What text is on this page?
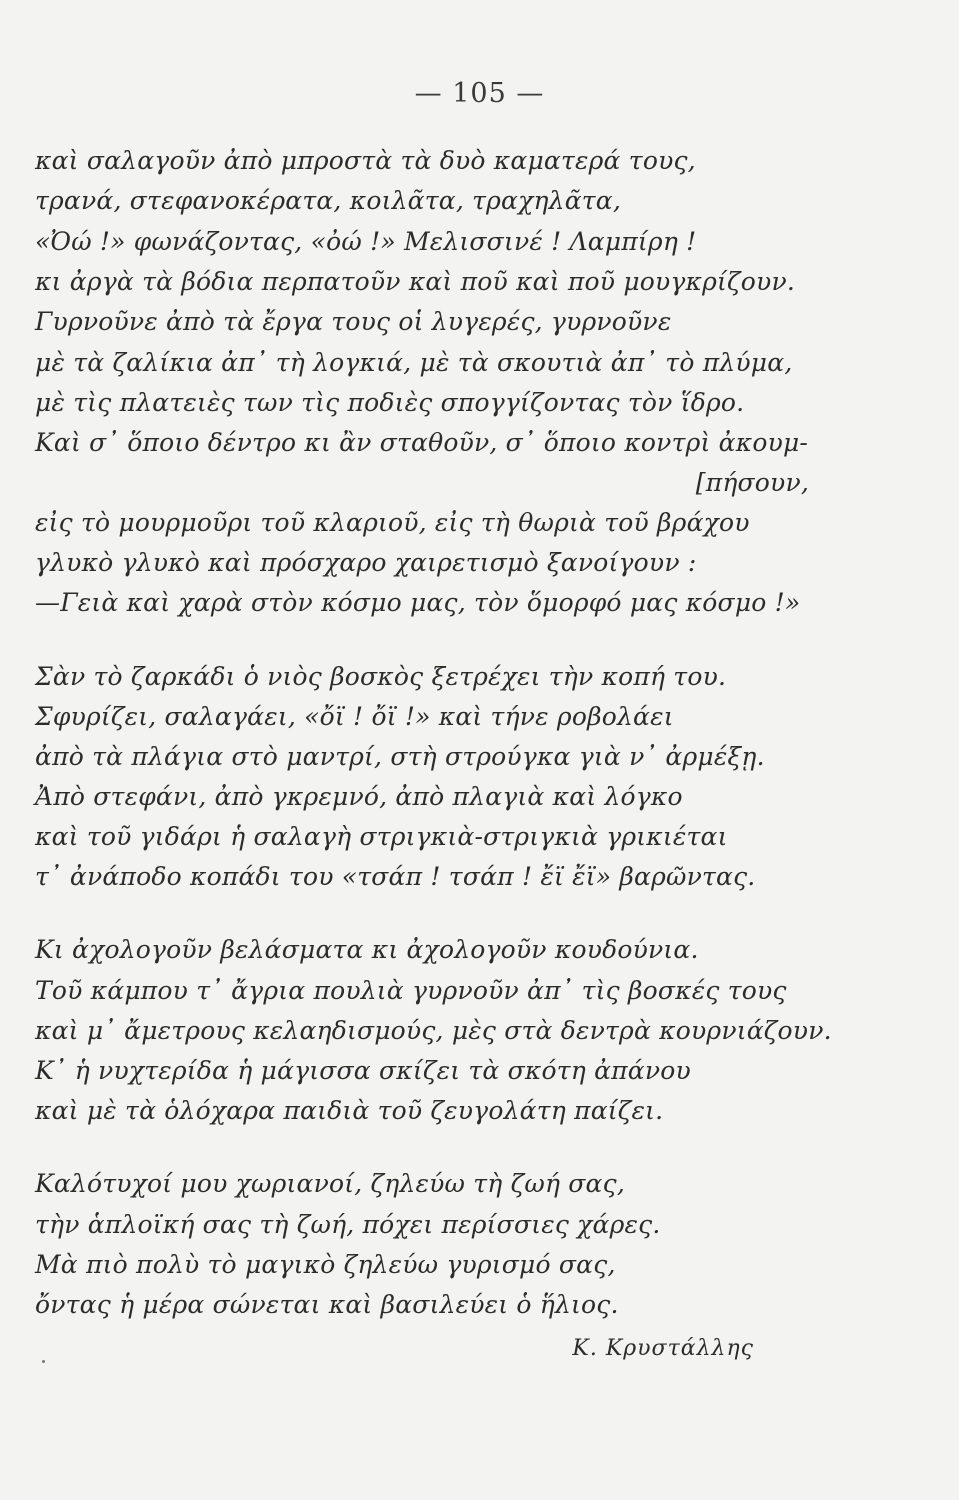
— 105 —
καὶ σαλαγοῦν ἀπὸ μπροστὰ τὰ δυὸ καματερά τους,
τρανά, στεφανοκέρατα, κοιλᾶτα, τραχηλᾶτα,
«Ὀώ !» φωνάζοντας, «ὀώ !» Μελισσινέ ! Λαμπίρη !
κι ἀργὰ τὰ βόδια περπατοῦν καὶ ποῦ καὶ ποῦ μουγκρίζουν.
Γυρνοῦνε ἀπὸ τὰ ἔργα τους οἱ λυγερές, γυρνοῦνε
μὲ τὰ ζαλίκια ἀπ᾽ τὴ λογκιά, μὲ τὰ σκουτιὰ ἀπ᾽ τὸ πλύμα,
μὲ τὶς πλατειὲς των τὶς ποδιὲς σπογγίζοντας τὸν ἵδρο.
Καὶ σ᾽ ὅποιο δέντρο κι ἂν σταθοῦν, σ᾽ ὅποιο κοντρὶ ἀκουμ-
[πήσουν,
εἰς τὸ μουρμοῦρι τοῦ κλαριοῦ, εἰς τὴ θωριὰ τοῦ βράχου
γλυκὸ γλυκὸ καὶ πρόσχαρο χαιρετισμὸ ξανοίγουν :
—Γειὰ καὶ χαρὰ στὸν κόσμο μας, τὸν ὅμορφό μας κόσμο !»
Σὰν τὸ ζαρκάδι ὁ νιὸς βοσκὸς ξετρέχει τὴν κοπή του.
Σφυρίζει, σαλαγάει, «ὄϊ ! ὄϊ !» καὶ τήνε ροβολάει
ἀπὸ τὰ πλάγια στὸ μαντρί, στὴ στρούγκα γιὰ ν᾽ ἀρμέξῃ.
Ἀπὸ στεφάνι, ἀπὸ γκρεμνό, ἀπὸ πλαγιὰ καὶ λόγκο
καὶ τοῦ γιδάρι ἡ σαλαγὴ στριγκιὰ-στριγκιὰ γρικιέται
τ᾽ ἀνάποδο κοπάδι του «τσάπ ! τσάπ ! ἔϊ ἔϊ» βαρῶντας.
Κι ἀχολογοῦν βελάσματα κι ἀχολογοῦν κουδούνια.
Τοῦ κάμπου τ᾽ ἄγρια πουλιὰ γυρνοῦν ἀπ᾽ τὶς βοσκές τους
καὶ μ᾽ ἄμετρους κελαηδισμούς, μὲς στὰ δεντρὰ κουρνιάζουν.
Κ᾽ ἡ νυχτερίδα ἡ μάγισσα σκίζει τὰ σκότη ἀπάνου
καὶ μὲ τὰ ὁλόχαρα παιδιὰ τοῦ ζευγολάτη παίζει.
Καλότυχοί μου χωριανοί, ζηλεύω τὴ ζωή σας,
τὴν ἁπλοϊκή σας τὴ ζωή, πόχει περίσσιες χάρες.
Μὰ πιὸ πολὺ τὸ μαγικὸ ζηλεύω γυρισμό σας,
ὄντας ἡ μέρα σώνεται καὶ βασιλεύει ὁ ἥλιος.
Κ. Κρυστάλλης
